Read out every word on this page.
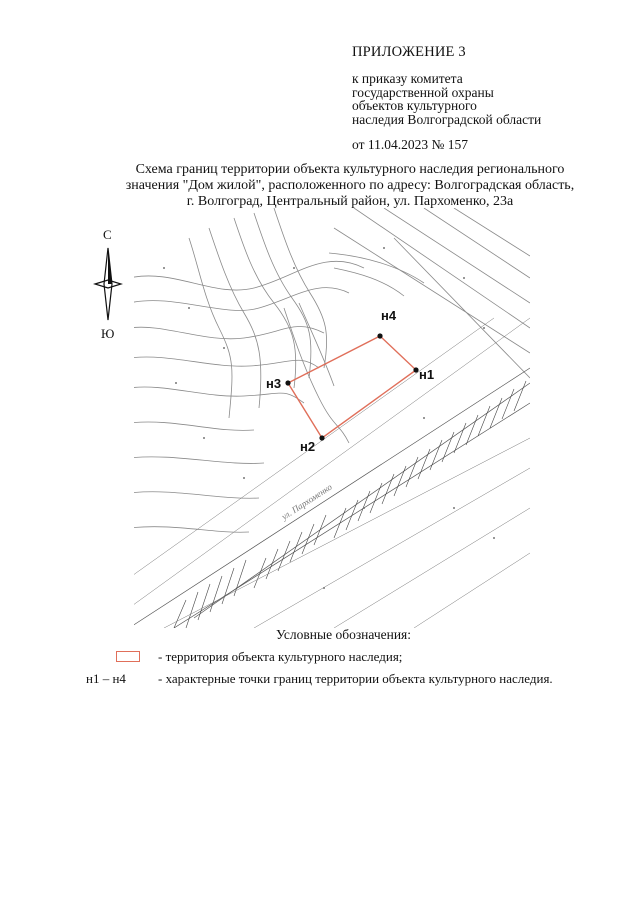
ПРИЛОЖЕНИЕ 3
к приказу комитета
государственной охраны
объектов культурного
наследия Волгоградской области
от 11.04.2023 № 157
Схема границ территории объекта культурного наследия регионального
значения "Дом жилой", расположенного по адресу: Волгоградская область,
г. Волгоград, Центральный район, ул. Пархоменко, 23а
С
Ю
н1
н2
н3
н4
ул. Пархоменко
Условные обозначения:
- территория объекта культурного наследия;
н1 – н4 - характерные точки границ территории объекта культурного наследия.
